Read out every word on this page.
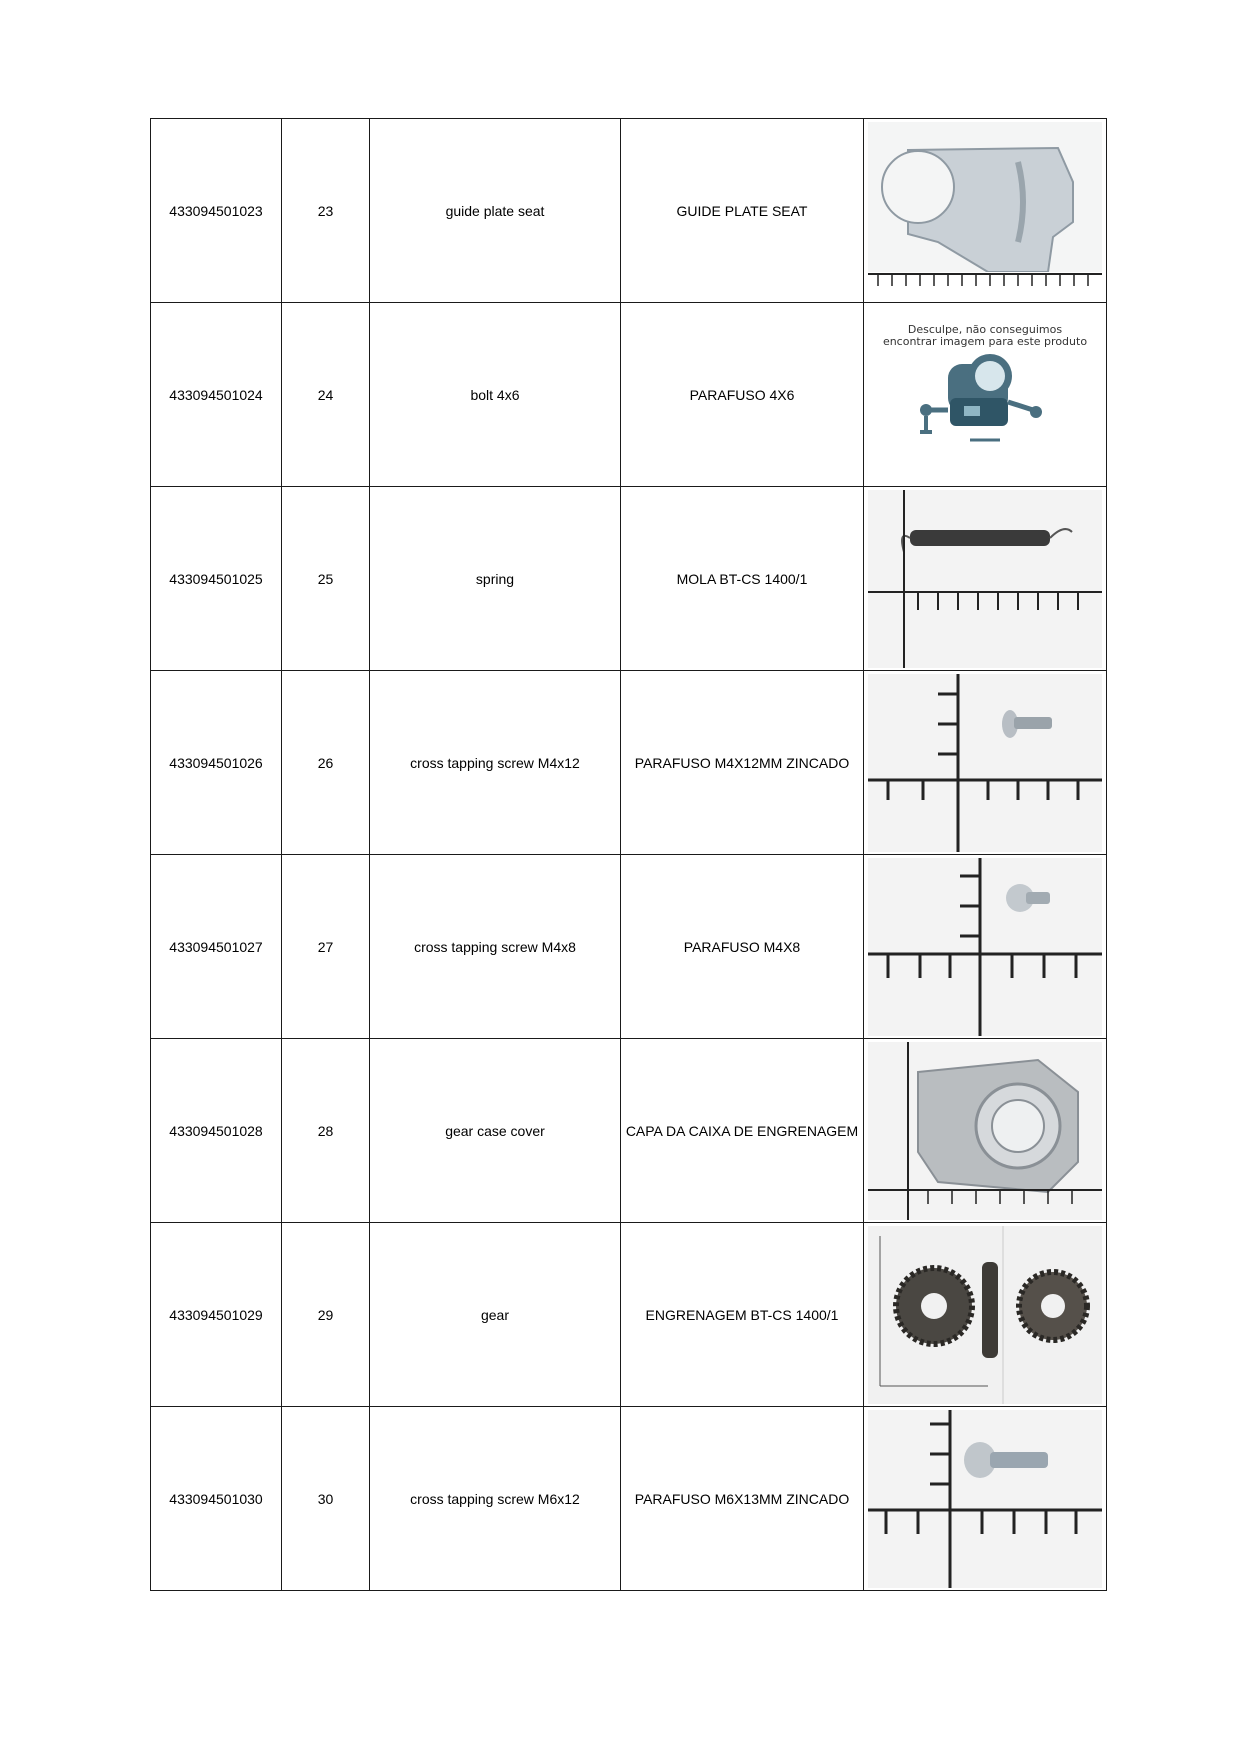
433094501023	23	guide plate seat	GUIDE PLATE SEAT	

433094501024	24	bolt 4x6	PARAFUSO 4X6	Desculpe, não conseguimos
encontrar imagem para este produto

433094501025	25	spring	MOLA BT-CS 1400/1	

433094501026	26	cross tapping screw M4x12	PARAFUSO M4X12MM ZINCADO	

433094501027	27	cross tapping screw M4x8	PARAFUSO M4X8	

433094501028	28	gear case cover	CAPA DA CAIXA DE ENGRENAGEM	

433094501029	29	gear	ENGRENAGEM BT-CS 1400/1	

433094501030	30	cross tapping screw M6x12	PARAFUSO M6X13MM ZINCADO	
